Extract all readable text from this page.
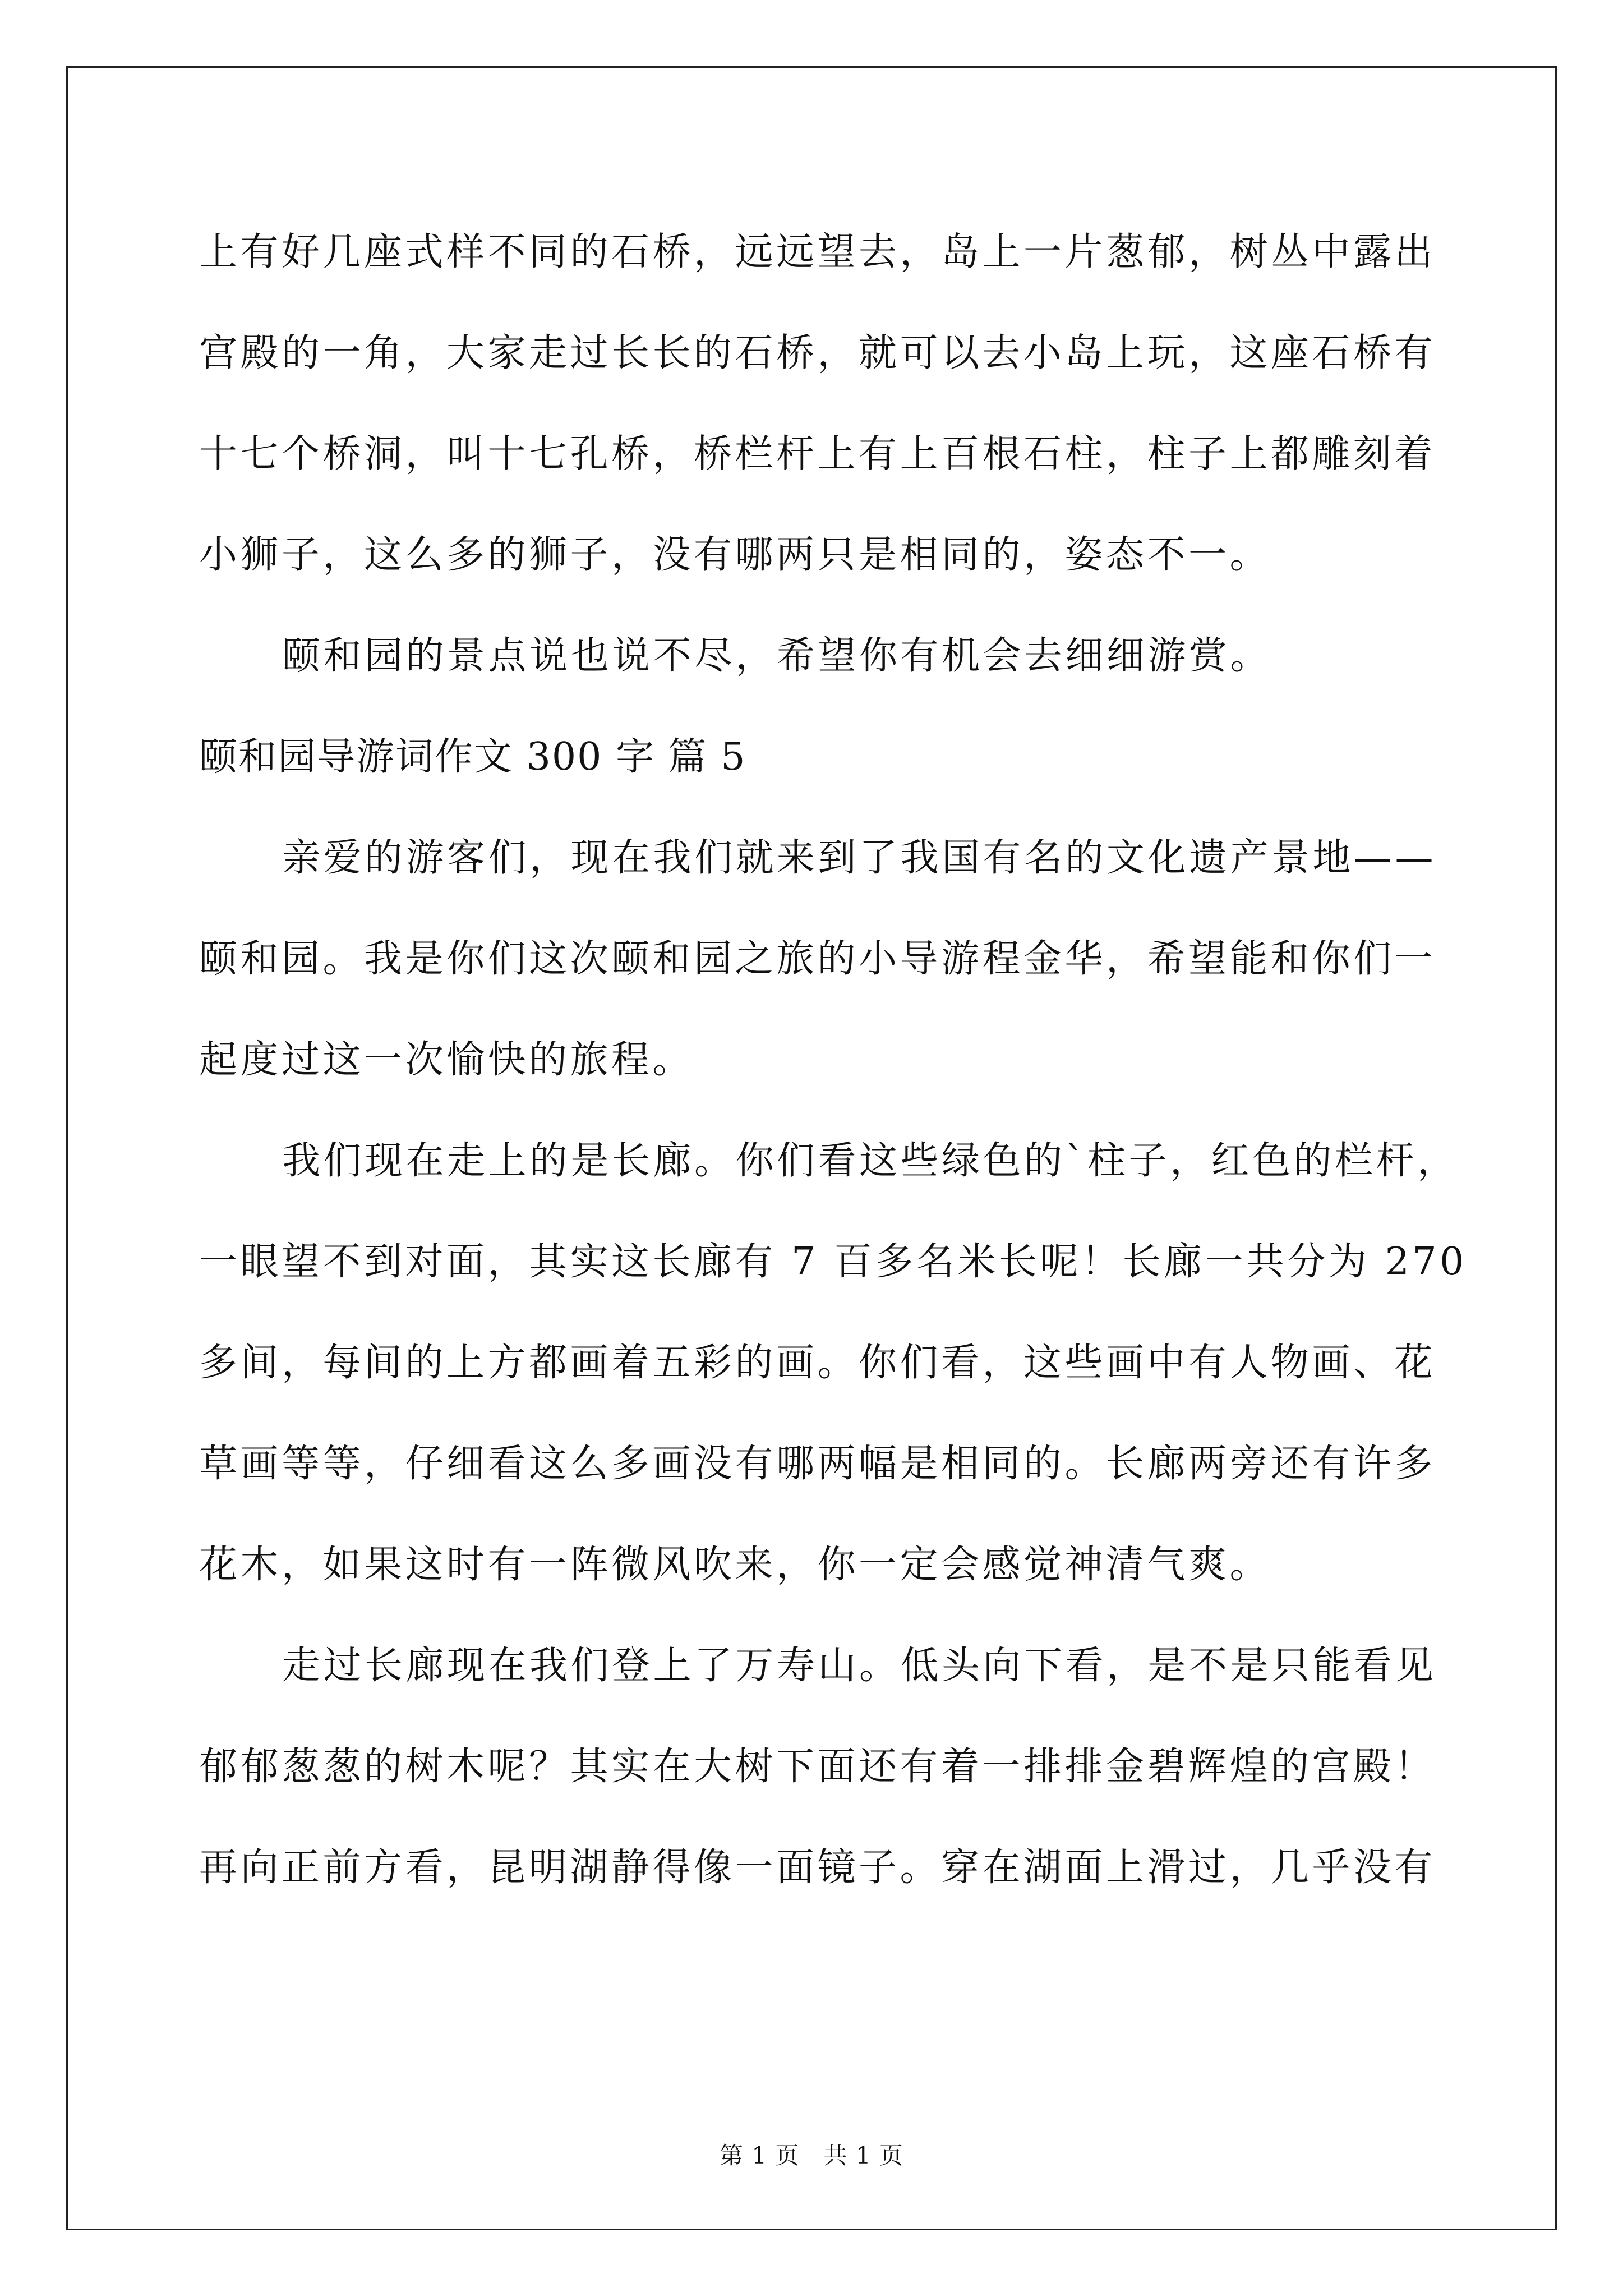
上有好几座式样不同的石桥，远远望去，岛上一片葱郁，树丛中露出
宫殿的一角，大家走过长长的石桥，就可以去小岛上玩，这座石桥有
十七个桥洞，叫十七孔桥，桥栏杆上有上百根石柱，柱子上都雕刻着
小狮子，这么多的狮子，没有哪两只是相同的，姿态不一。
颐和园的景点说也说不尽，希望你有机会去细细游赏。
颐和园导游词作文 300 字 篇 5
亲爱的游客们，现在我们就来到了我国有名的文化遗产景地——
颐和园。我是你们这次颐和园之旅的小导游程金华，希望能和你们一
起度过这一次愉快的旅程。
我们现在走上的是长廊。你们看这些绿色的`柱子，红色的栏杆，
一眼望不到对面，其实这长廊有 7 百多名米长呢！长廊一共分为 270
多间，每间的上方都画着五彩的画。你们看，这些画中有人物画、花
草画等等，仔细看这么多画没有哪两幅是相同的。长廊两旁还有许多
花木，如果这时有一阵微风吹来，你一定会感觉神清气爽。
走过长廊现在我们登上了万寿山。低头向下看，是不是只能看见
郁郁葱葱的树木呢？其实在大树下面还有着一排排金碧辉煌的宫殿！
再向正前方看，昆明湖静得像一面镜子。穿在湖面上滑过，几乎没有
第 1 页   共 1 页
